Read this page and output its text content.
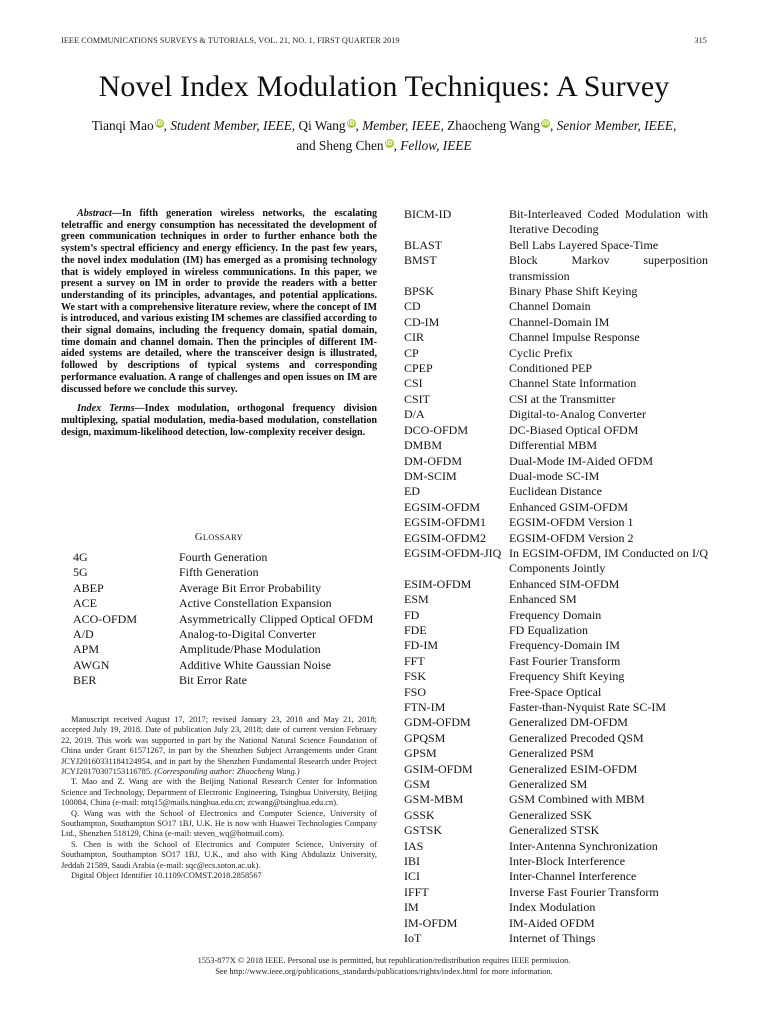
IEEE COMMUNICATIONS SURVEYS & TUTORIALS, VOL. 21, NO. 1, FIRST QUARTER 2019	315
Novel Index Modulation Techniques: A Survey
Tianqi Mao iD, Student Member, IEEE, Qi Wang iD, Member, IEEE, Zhaocheng Wang iD, Senior Member, IEEE,
and Sheng Chen iD, Fellow, IEEE

Abstract—In fifth generation wireless networks, the escalating teletraffic and energy consumption has necessitated the development of green communication techniques in order to further enhance both the system’s spectral efficiency and energy efficiency. In the past few years, the novel index modulation (IM) has emerged as a promising technology that is widely employed in wireless communications. In this paper, we present a survey on IM in order to provide the readers with a better understanding of its principles, advantages, and potential applications. We start with a comprehensive literature review, where the concept of IM is introduced, and various existing IM schemes are classified according to their signal domains, including the frequency domain, spatial domain, time domain and channel domain. Then the principles of different IM-aided systems are detailed, where the transceiver design is illustrated, followed by descriptions of typical systems and corresponding performance evaluation. A range of challenges and open issues on IM are discussed before we conclude this survey.

Index Terms—Index modulation, orthogonal frequency division multiplexing, spatial modulation, media-based modulation, constellation design, maximum-likelihood detection, low-complexity receiver design.

GLOSSARY
4G	Fourth Generation
5G	Fifth Generation
ABEP	Average Bit Error Probability
ACE	Active Constellation Expansion
ACO-OFDM	Asymmetrically Clipped Optical OFDM
A/D	Analog-to-Digital Converter
APM	Amplitude/Phase Modulation
AWGN	Additive White Gaussian Noise
BER	Bit Error Rate
BICM-ID	Bit-Interleaved Coded Modulation with Iterative Decoding
BLAST	Bell Labs Layered Space-Time
BMST	Block Markov superposition transmission
BPSK	Binary Phase Shift Keying
CD	Channel Domain
CD-IM	Channel-Domain IM
CIR	Channel Impulse Response
CP	Cyclic Prefix
CPEP	Conditioned PEP
CSI	Channel State Information
CSIT	CSI at the Transmitter
D/A	Digital-to-Analog Converter
DCO-OFDM	DC-Biased Optical OFDM
DMBM	Differential MBM
DM-OFDM	Dual-Mode IM-Aided OFDM
DM-SCIM	Dual-mode SC-IM
ED	Euclidean Distance
EGSIM-OFDM	Enhanced GSIM-OFDM
EGSIM-OFDM1	EGSIM-OFDM Version 1
EGSIM-OFDM2	EGSIM-OFDM Version 2
EGSIM-OFDM-JIQ In EGSIM-OFDM, IM Conducted on I/Q Components Jointly
ESIM-OFDM	Enhanced SIM-OFDM
ESM	Enhanced SM
FD	Frequency Domain
FDE	FD Equalization
FD-IM	Frequency-Domain IM
FFT	Fast Fourier Transform
FSK	Frequency Shift Keying
FSO	Free-Space Optical
FTN-IM	Faster-than-Nyquist Rate SC-IM
GDM-OFDM	Generalized DM-OFDM
GPQSM	Generalized Precoded QSM
GPSM	Generalized PSM
GSIM-OFDM	Generalized ESIM-OFDM
GSM	Generalized SM
GSM-MBM	GSM Combined with MBM
GSSK	Generalized SSK
GSTSK	Generalized STSK
IAS	Inter-Antenna Synchronization
IBI	Inter-Block Interference
ICI	Inter-Channel Interference
IFFT	Inverse Fast Fourier Transform
IM	Index Modulation
IM-OFDM	IM-Aided OFDM
IoT	Internet of Things

Manuscript received August 17, 2017; revised January 23, 2018 and May 21, 2018; accepted July 19, 2018. Date of publication July 23, 2018; date of current version February 22, 2019. This work was supported in part by the National Natural Science Foundation of China under Grant 61571267, in part by the Shenzhen Subject Arrangements under Grant JCYJ20160331184124954, and in part by the Shenzhen Fundamental Research under Project JCYJ20170307153116785. (Corresponding author: Zhaocheng Wang.)

T. Mao and Z. Wang are with the Beijing National Research Center for Information Science and Technology, Department of Electronic Engineering, Tsinghua University, Beijing 100084, China (e-mail: mtq15@mails.tsinghua.edu.cn; zcwang@tsinghua.edu.cn).

Q. Wang was with the School of Electronics and Computer Science, University of Southampton, Southampton SO17 1BJ, U.K. He is now with Huawei Technologies Company Ltd., Shenzhen 518129, China (e-mail: steven_wq@hotmail.com).

S. Chen is with the School of Electronics and Computer Science, University of Southampton, Southampton SO17 1BJ, U.K., and also with King Abdulaziz University, Jeddah 21589, Saudi Arabia (e-mail: sqc@ecs.soton.ac.uk).

Digital Object Identifier 10.1109/COMST.2018.2858567

1553-877X © 2018 IEEE. Personal use is permitted, but republication/redistribution requires IEEE permission.
See http://www.ieee.org/publications_standards/publications/rights/index.html for more information.
